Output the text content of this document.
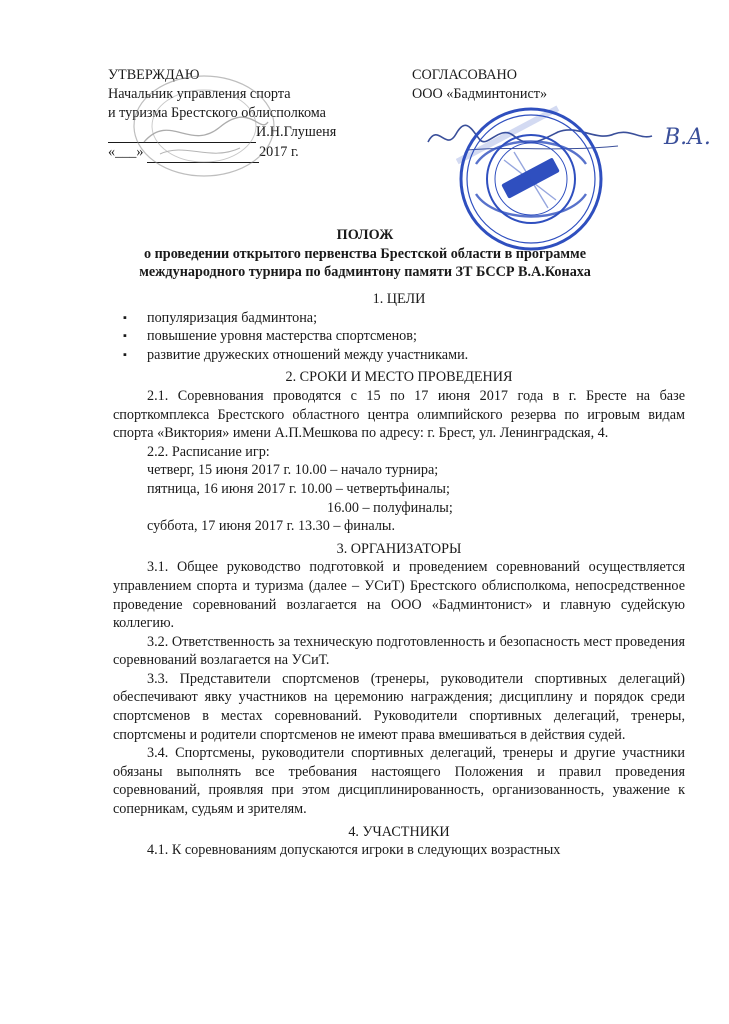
УТВЕРЖДАЮ
Начальник управления спорта
и туризма Брестского облисполкома
И.Н.Глушеня
«___»	2017 г.
СОГЛАСОВАНО
ООО «Бадминтонист»
В.А.
ПОЛОЖ
о проведении открытого первенства Брестской области в программе
международного турнира по бадминтону памяти ЗТ БССР В.А.Конаха
1. ЦЕЛИ
▪ популяризация бадминтона;
▪ повышение уровня мастерства спортсменов;
▪ развитие дружеских отношений между участниками.
2. СРОКИ И МЕСТО ПРОВЕДЕНИЯ

2.1. Соревнования проводятся с 15 по 17 июня 2017 года в г. Бресте на базе спорткомплекса Брестского областного центра олимпийского резерва по игровым видам спорта «Виктория» имени А.П.Мешкова по адресу: г. Брест, ул. Ленинградская, 4.

2.2. Расписание игр:

четверг, 15 июня 2017 г. 10.00 – начало турнира;

пятница, 16 июня 2017 г. 10.00 – четвертьфиналы;

16.00 – полуфиналы;

суббота, 17 июня 2017 г. 13.30 – финалы.

3. ОРГАНИЗАТОРЫ

3.1. Общее руководство подготовкой и проведением соревнований осуществляется управлением спорта и туризма (далее – УСиТ) Брестского облисполкома, непосредственное проведение соревнований возлагается на ООО «Бадминтонист» и главную судейскую коллегию.

3.2. Ответственность за техническую подготовленность и безопасность мест проведения соревнований возлагается на УСиТ.

3.3. Представители спортсменов (тренеры, руководители спортивных делегаций) обеспечивают явку участников на церемонию награждения; дисциплину и порядок среди спортсменов в местах соревнований. Руководители спортивных делегаций, тренеры, спортсмены и родители спортсменов не имеют права вмешиваться в действия судей.

3.4. Спортсмены, руководители спортивных делегаций, тренеры и другие участники обязаны выполнять все требования настоящего Положения и правил проведения соревнований, проявляя при этом дисциплинированность, организованность, уважение к соперникам, судьям и зрителям.

4. УЧАСТНИКИ

4.1. К соревнованиям допускаются игроки в следующих возрастных
